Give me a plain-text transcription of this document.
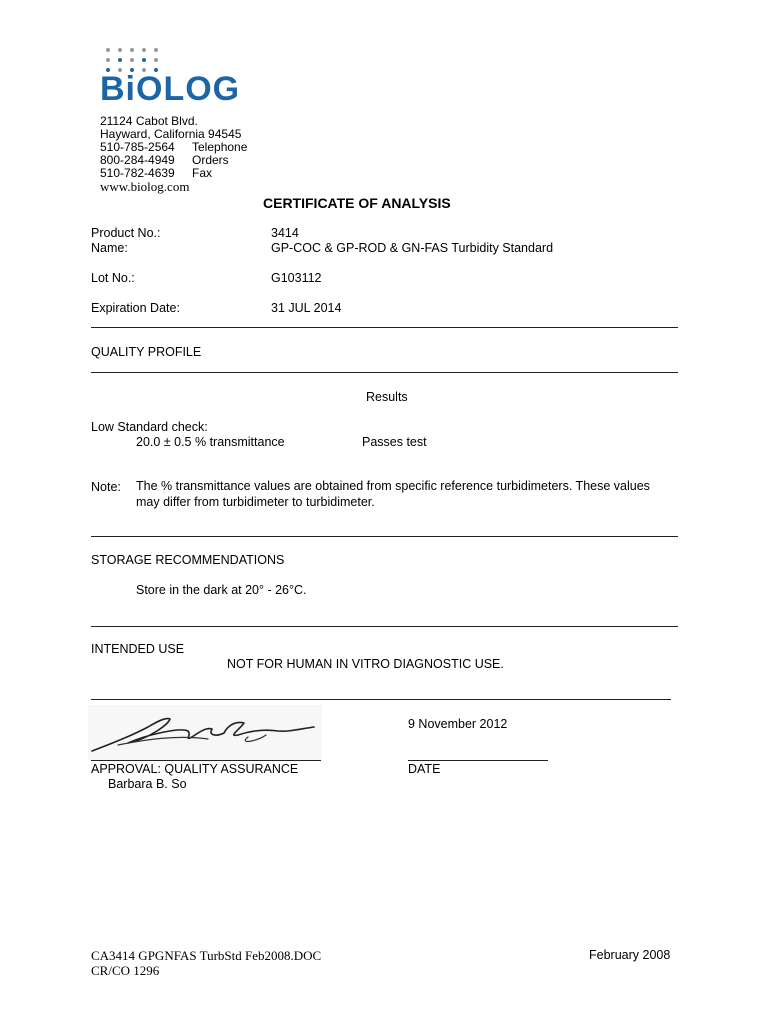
BiOLOG
21124 Cabot Blvd.
Hayward, California 94545
510-785-2564 Telephone
800-284-4949 Orders
510-782-4639 Fax
www.biolog.com
CERTIFICATE OF ANALYSIS
Product No.:	3414
Name:	GP-COC & GP-ROD & GN-FAS Turbidity Standard
Lot No.:	G103112
Expiration Date:	31 JUL 2014
QUALITY PROFILE
Results
Low Standard check:
20.0 ± 0.5 % transmittance	Passes test
Note: The % transmittance values are obtained from specific reference turbidimeters. These values may differ from turbidimeter to turbidimeter.
STORAGE RECOMMENDATIONS
Store in the dark at 20° - 26°C.
INTENDED USE
NOT FOR HUMAN IN VITRO DIAGNOSTIC USE.
APPROVAL: QUALITY ASSURANCE
Barbara B. So
9 November 2012
DATE
CA3414 GPGNFAS TurbStd Feb2008.DOC
CR/CO 1296
February 2008
